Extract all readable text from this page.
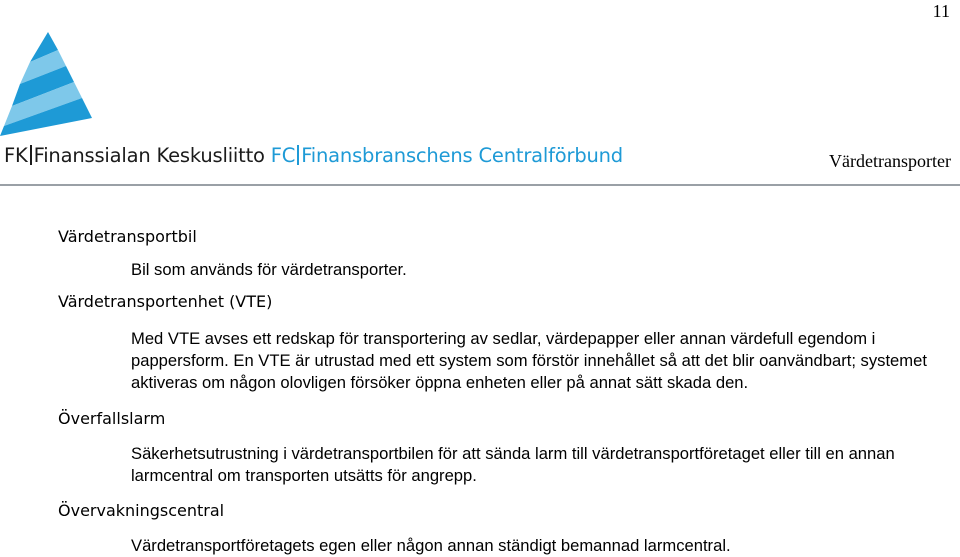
11
FK Finanssialan Keskusliitto FC Finansbranschens Centralförbund	Värdetransporter
Värdetransportbil

Bil som används för värdetransporter.

Värdetransportenhet (VTE)

Med VTE avses ett redskap för transportering av sedlar, värdepapper eller annan värdefull egendom i pappersform. En VTE är utrustad med ett system som förstör innehållet så att det blir oanvändbart; systemet aktiveras om någon olovligen försöker öppna enheten eller på annat sätt skada den.

Överfallslarm

Säkerhetsutrustning i värdetransportbilen för att sända larm till värdetransportföretaget eller till en annan larmcentral om transporten utsätts för angrepp.

Övervakningscentral

Värdetransportföretagets egen eller någon annan ständigt bemannad larmcentral.
